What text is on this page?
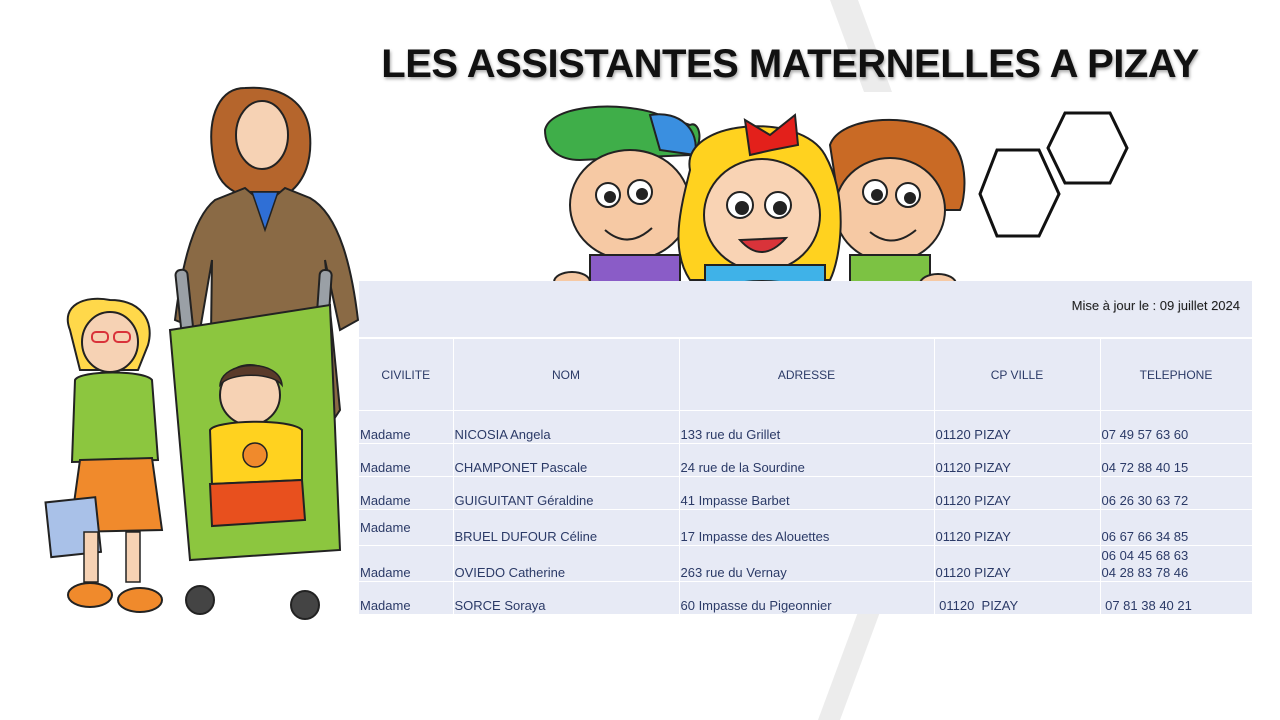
LES ASSISTANTES MATERNELLES A PIZAY
Mise à jour le : 09 juillet 2024
CIVILITE	NOM	ADRESSE	CP VILLE	TELEPHONE
Madame	NICOSIA Angela	133 rue du Grillet	01120 PIZAY	07 49 57 63 60
Madame	CHAMPONET Pascale	24 rue de la Sourdine	01120 PIZAY	04 72 88 40 15
Madame	GUIGUITANT Géraldine	41 Impasse Barbet	01120 PIZAY	06 26 30 63 72
Madame	BRUEL DUFOUR Céline	17 Impasse des Alouettes	01120 PIZAY	06 67 66 34 85
Madame	OVIEDO Catherine	263 rue du Vernay	01120 PIZAY	06 04 45 68 63
04 28 83 78 46

Madame	SORCE Soraya	60 Impasse du Pigeonnier	01120  PIZAY	07 81 38 40 21
